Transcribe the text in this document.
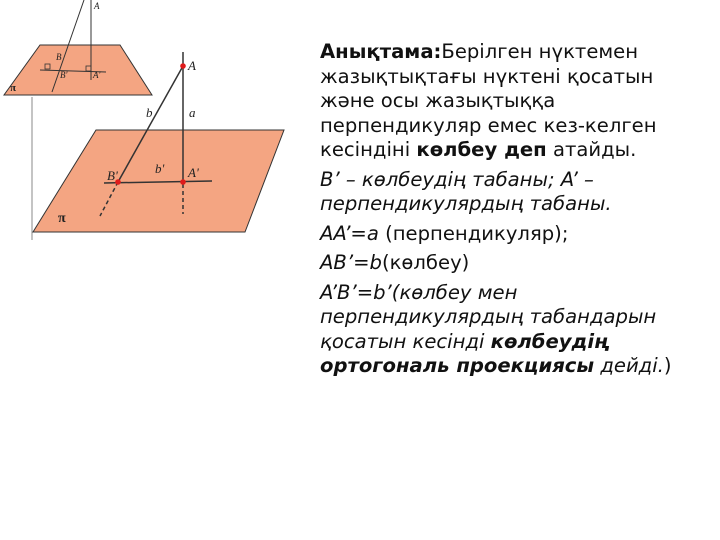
A
B
B'	A'
π
A
a
b
b'
B'	A'
π

Анықтама:Берілген нүктемен жазықтықтағы нүктені қосатын және осы жазықтыққа перпендикуляр емес кез-келген кесіндіні көлбеу деп атайды.

B’ – көлбеудің табаны; A’ – перпендикулярдың табаны.

AA’=a (перпендикуляр);

AB’=b(көлбеу)

A’B’=b’(көлбеу мен перпендикулярдың табандарын қосатын кесінді көлбеудің ортогональ проекциясы дейді.)
